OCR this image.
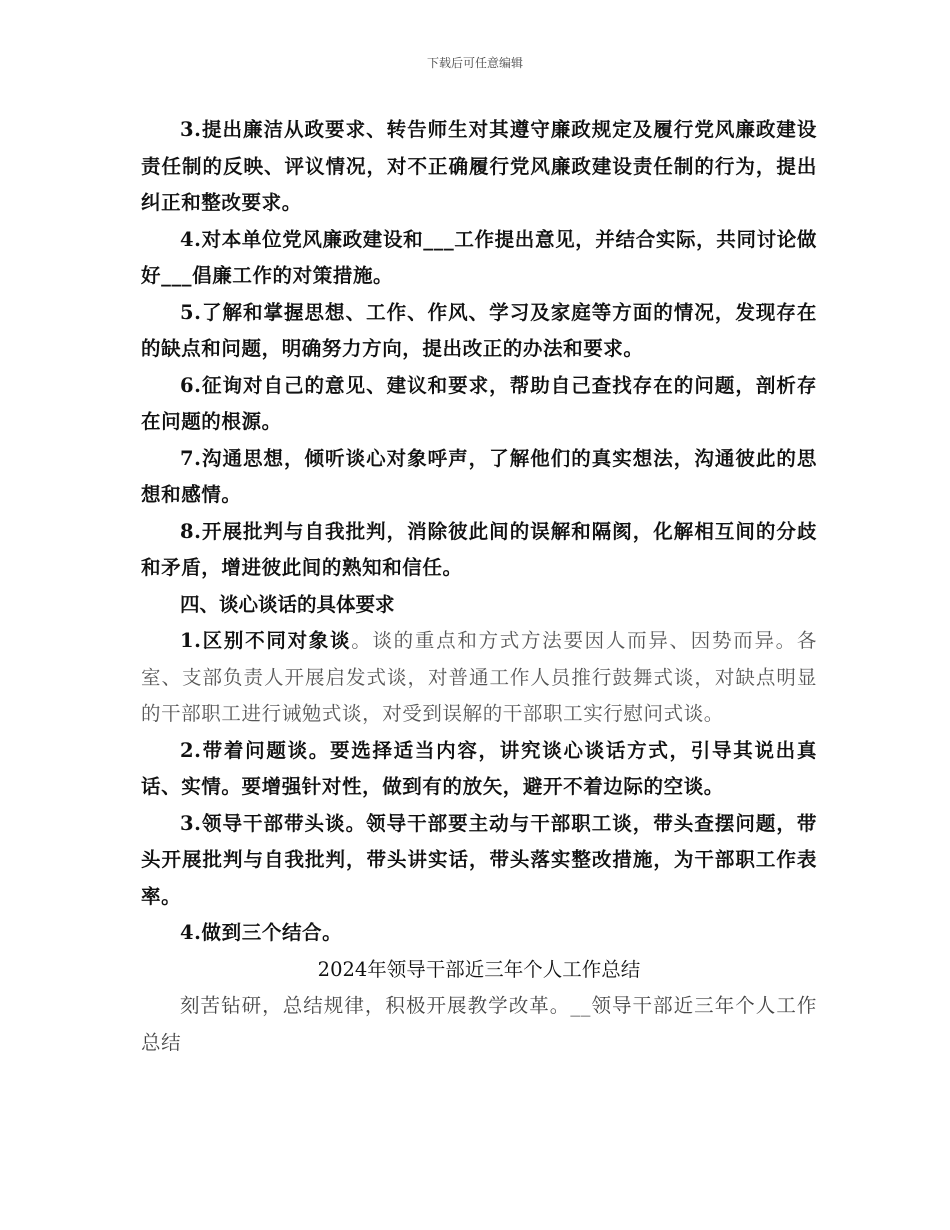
下载后可任意编辑

3.提出廉洁从政要求、转告师生对其遵守廉政规定及履行党风廉政建设责任制的反映、评议情况，对不正确履行党风廉政建设责任制的行为，提出纠正和整改要求。

4.对本单位党风廉政建设和___工作提出意见，并结合实际，共同讨论做好___倡廉工作的对策措施。

5.了解和掌握思想、工作、作风、学习及家庭等方面的情况，发现存在的缺点和问题，明确努力方向，提出改正的办法和要求。

6.征询对自己的意见、建议和要求，帮助自己查找存在的问题，剖析存在问题的根源。

7.沟通思想，倾听谈心对象呼声，了解他们的真实想法，沟通彼此的思想和感情。

8.开展批判与自我批判，消除彼此间的误解和隔阂，化解相互间的分歧和矛盾，增进彼此间的熟知和信任。

四、谈心谈话的具体要求

1.区别不同对象谈。谈的重点和方式方法要因人而异、因势而异。各室、支部负责人开展启发式谈，对普通工作人员推行鼓舞式谈，对缺点明显的干部职工进行诫勉式谈，对受到误解的干部职工实行慰问式谈。

2.带着问题谈。要选择适当内容，讲究谈心谈话方式，引导其说出真话、实情。要增强针对性，做到有的放矢，避开不着边际的空谈。

3.领导干部带头谈。领导干部要主动与干部职工谈，带头查摆问题，带头开展批判与自我批判，带头讲实话，带头落实整改措施，为干部职工作表率。

4.做到三个结合。

2024年领导干部近三年个人工作总结

刻苦钻研，总结规律，积极开展教学改革。__领导干部近三年个人工作总结
